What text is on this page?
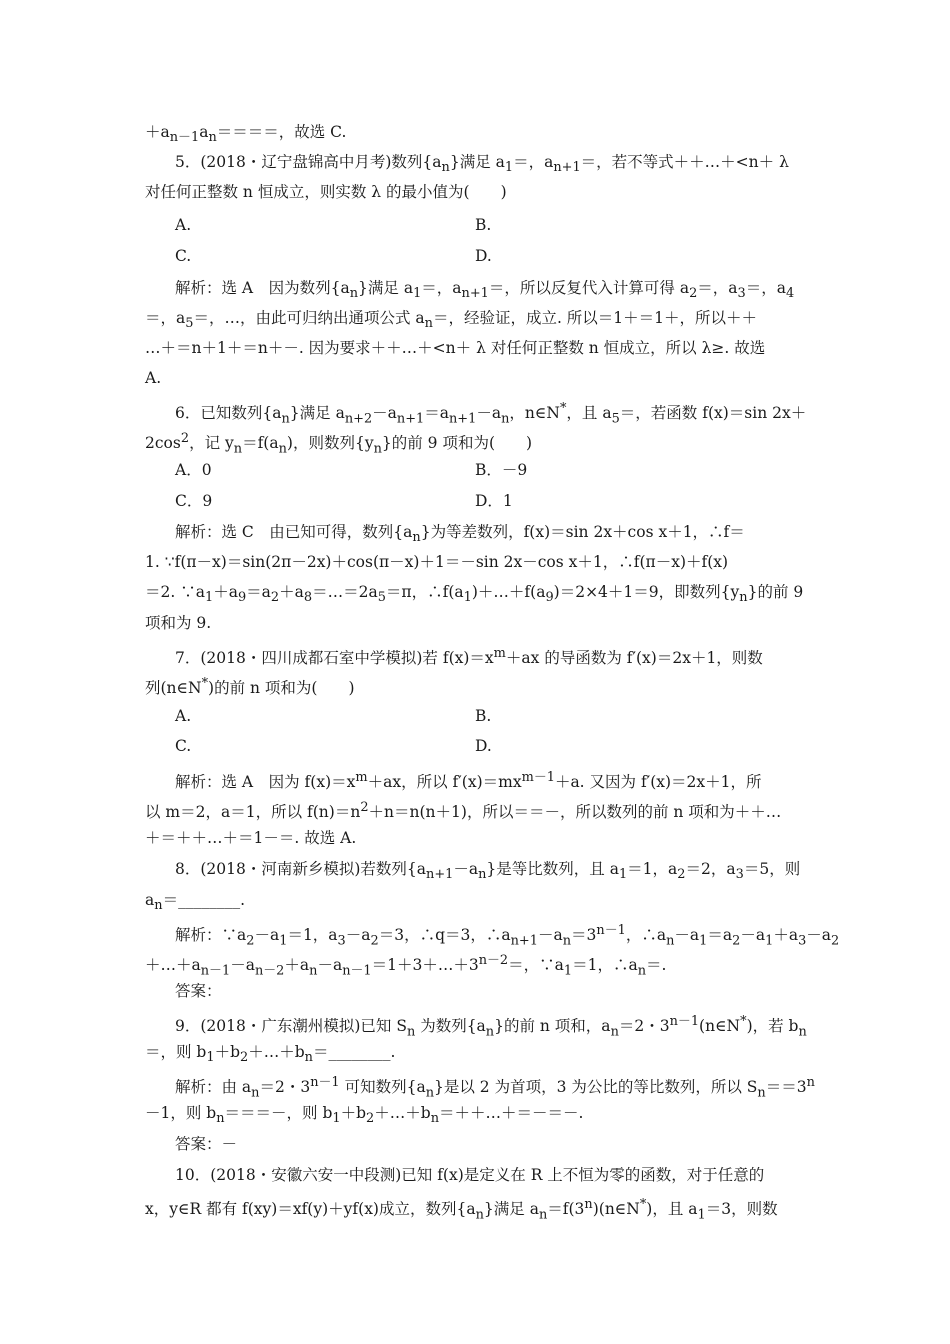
$+a_{n-1}a_n====$，故选 C.
5．(2018・辽宁盘锦高中月考)数列$\{a_n\}$满足 $a_1=$，$a_{n+1}=$，若不等式＋＋…＋<n＋ λ
对任何正整数 n 恒成立，则实数 λ 的最小值为(　　)
A.	B.
C.	D.
解析：选 A　因为数列$\{a_n\}$满足 $a_1=$，$a_{n+1}=$，所以反复代入计算可得 $a_2=$，$a_3=$，$a_4$
＝，$a_5=$，…，由此可归纳出通项公式 $a_n=$，经验证，成立. 所以＝1＋＝1＋，所以＋＋
…＋＝n＋1＋＝n＋－. 因为要求＋＋…＋<n＋ λ 对任何正整数 n 恒成立，所以 λ≥. 故选
A.
6．已知数列$\{a_n\}$满足 $a_{n+2}-a_{n+1}=a_{n+1}-a_n$，n∈N*，且 $a_5=$，若函数 f(x)＝sin 2x＋
$2\cos^2$，记 $y_n=f(a_n)$，则数列$\{y_n\}$的前 9 项和为(　　)
A．0	B．－9
C．9	D．1
解析：选 C　由已知可得，数列$\{a_n\}$为等差数列，f(x)＝sin 2x＋cos x＋1，∴f＝
1. ∵f(π－x)＝sin(2π－2x)＋cos(π－x)＋1＝－sin 2x－cos x＋1，∴f(π－x)＋f(x)
＝2. $\because a_1+a_9=a_2+a_8=\dots=2a_5=\pi$，$\therefore f(a_1)+\dots+f(a_9)=2\times 4+1=9$，即数列$\{y_n\}$的前 9
项和为 9.
7．(2018・四川成都石室中学模拟)若 $f(x)=x^m+ax$ 的导函数为 f′(x)＝2x＋1，则数
列(n∈N*)的前 n 项和为(　　)
A.	B.
C.	D.
解析：选 A　因为 $f(x)=x^m+ax$，所以 $f'(x)=mx^{m-1}+a$. 又因为 f′(x)＝2x＋1，所
以 m＝2，a＝1，所以 $f(n)=n^2+n=n(n+1)$，所以＝＝－，所以数列的前 n 项和为＋＋…
＋＝＋＋…＋＝1－＝. 故选 A.
8．(2018・河南新乡模拟)若数列$\{a_{n+1}-a_n\}$是等比数列，且 $a_1=1$，$a_2=2$，$a_3=5$，则
$a_n=\_\_\_\_\_\_\_\_$.
解析：$\because a_2-a_1=1$，$a_3-a_2=3$，∴q＝3，$\therefore a_{n+1}-a_n=3^{n-1}$，$\therefore a_n-a_1=a_2-a_1+a_3-a_2$
$+\dots+a_{n-1}-a_{n-2}+a_n-a_{n-1}=1+3+\dots+3^{n-2}=$，$\because a_1=1$，$\therefore a_n=$.
答案：
9．(2018・广东潮州模拟)已知 $S_n$ 为数列$\{a_n\}$的前 n 项和，$a_n=2$・$3^{n-1}(n\in N^*)$，若 $b_n$
＝，则 $b_1+b_2+\dots+b_n=\_\_\_\_\_\_\_\_$.
解析：由 $a_n=2$・$3^{n-1}$ 可知数列$\{a_n\}$是以 2 为首项，3 为公比的等比数列，所以 $S_n==3^n$
－1，则 $b_n===-$，则 $b_1+b_2+\dots+b_n=++\dots+=-=-$.
答案：－
10．(2018・安徽六安一中段测)已知 f(x)是定义在 R 上不恒为零的函数，对于任意的
x，y∈R 都有 f(xy)＝xf(y)＋yf(x)成立，数列$\{a_n\}$满足 $a_n=f(3^n)(n\in N^*)$，且 $a_1=3$，则数
